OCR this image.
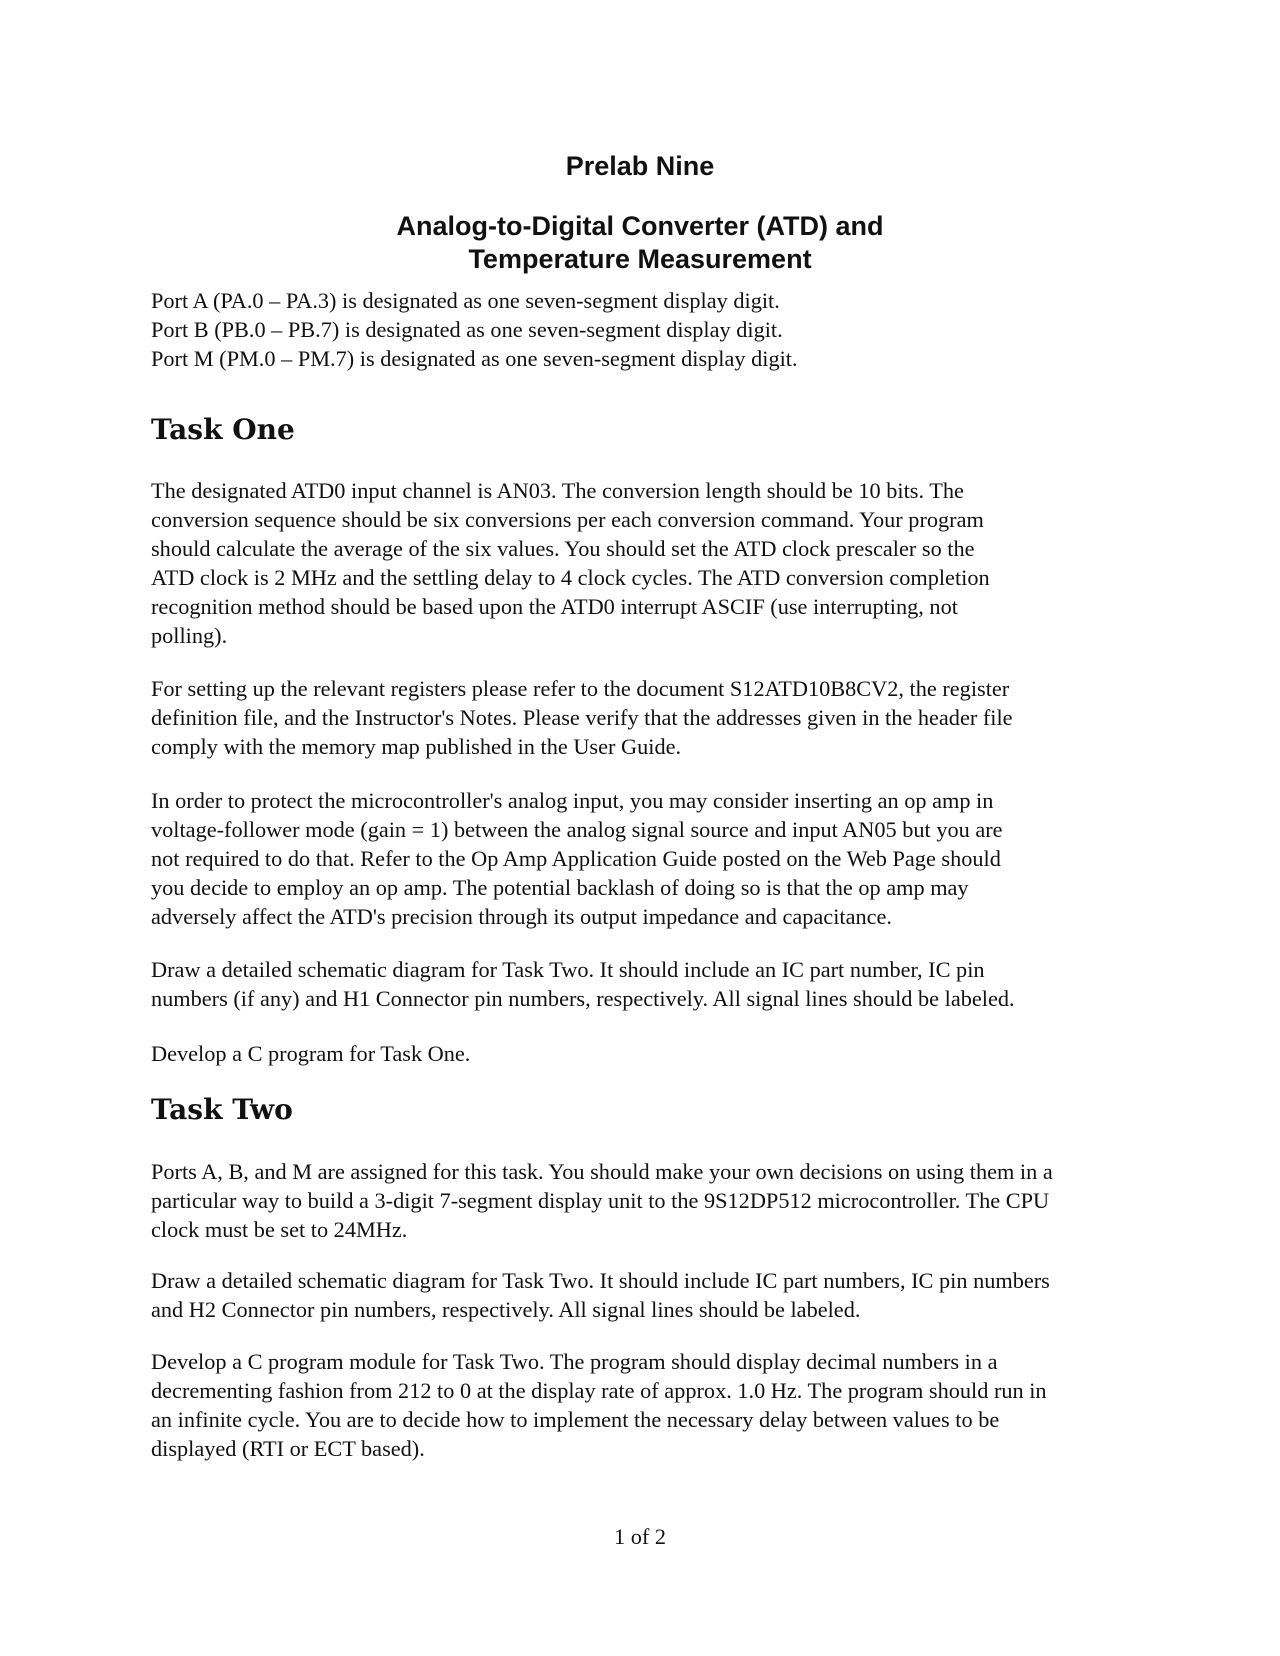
Prelab Nine
Analog-to-Digital Converter (ATD) and
Temperature Measurement

Port A (PA.0 – PA.3) is designated as one seven-segment display digit.
Port B (PB.0 – PB.7) is designated as one seven-segment display digit.
Port M (PM.0 – PM.7) is designated as one seven-segment display digit.

Task One

The designated ATD0 input channel is AN03. The conversion length should be 10 bits. The
conversion sequence should be six conversions per each conversion command. Your program
should calculate the average of the six values. You should set the ATD clock prescaler so the
ATD clock is 2 MHz and the settling delay to 4 clock cycles. The ATD conversion completion
recognition method should be based upon the ATD0 interrupt ASCIF (use interrupting, not
polling).

For setting up the relevant registers please refer to the document S12ATD10B8CV2, the register
definition file, and the Instructor's Notes. Please verify that the addresses given in the header file
comply with the memory map published in the User Guide.

In order to protect the microcontroller's analog input, you may consider inserting an op amp in
voltage-follower mode (gain = 1) between the analog signal source and input AN05 but you are
not required to do that. Refer to the Op Amp Application Guide posted on the Web Page should
you decide to employ an op amp. The potential backlash of doing so is that the op amp may
adversely affect the ATD's precision through its output impedance and capacitance.

Draw a detailed schematic diagram for Task Two. It should include an IC part number, IC pin
numbers (if any) and H1 Connector pin numbers, respectively. All signal lines should be labeled.

Develop a C program for Task One.

Task Two

Ports A, B, and M are assigned for this task. You should make your own decisions on using them in a
particular way to build a 3-digit 7-segment display unit to the 9S12DP512 microcontroller. The CPU
clock must be set to 24MHz.

Draw a detailed schematic diagram for Task Two. It should include IC part numbers, IC pin numbers
and H2 Connector pin numbers, respectively. All signal lines should be labeled.

Develop a C program module for Task Two. The program should display decimal numbers in a
decrementing fashion from 212 to 0 at the display rate of approx. 1.0 Hz. The program should run in
an infinite cycle. You are to decide how to implement the necessary delay between values to be
displayed (RTI or ECT based).

1 of 2
